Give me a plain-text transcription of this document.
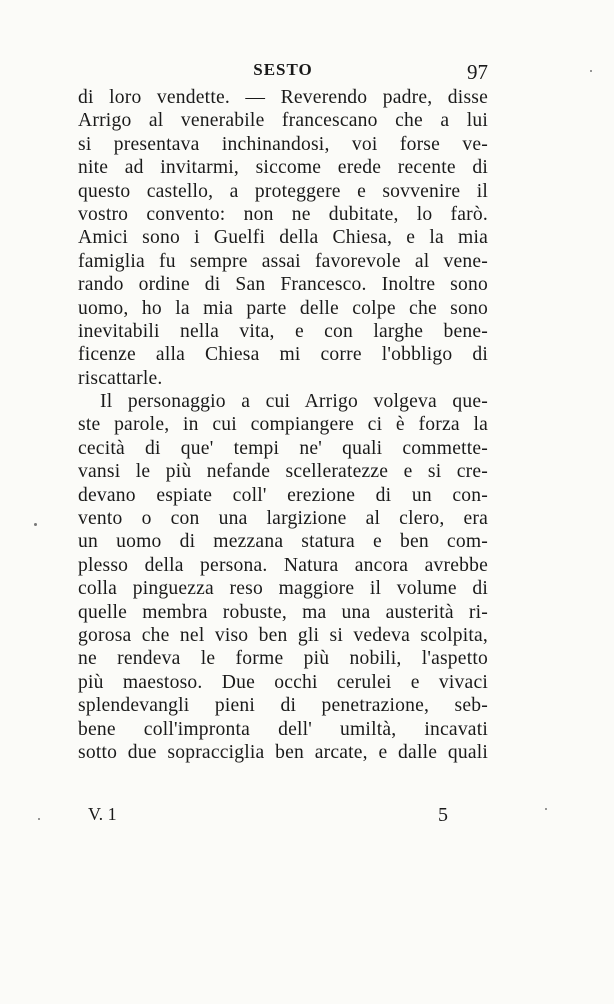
SESTO	97
di loro vendette. — Reverendo padre, disse
Arrigo al venerabile francescano che a lui
si presentava inchinandosi, voi forse ve-
nite ad invitarmi, siccome erede recente di
questo castello, a proteggere e sovvenire il
vostro convento: non ne dubitate, lo farò.
Amici sono i Guelfi della Chiesa, e la mia
famiglia fu sempre assai favorevole al vene-
rando ordine di San Francesco. Inoltre sono
uomo, ho la mia parte delle colpe che sono
inevitabili nella vita, e con larghe bene-
ficenze alla Chiesa mi corre l'obbligo di
riscattarle.
Il personaggio a cui Arrigo volgeva que-
ste parole, in cui compiangere ci è forza la
cecità di que' tempi ne' quali commette-
vansi le più nefande scelleratezze e si cre-
devano espiate coll' erezione di un con-
vento o con una largizione al clero, era
un uomo di mezzana statura e ben com-
plesso della persona. Natura ancora avrebbe
colla pinguezza reso maggiore il volume di
quelle membra robuste, ma una austerità ri-
gorosa che nel viso ben gli si vedeva scolpita,
ne rendeva le forme più nobili, l'aspetto
più maestoso. Due occhi cerulei e vivaci
splendevangli pieni di penetrazione, seb-
bene coll'impronta dell' umiltà, incavati
sotto due sopracciglia ben arcate, e dalle quali
V. 1	5
